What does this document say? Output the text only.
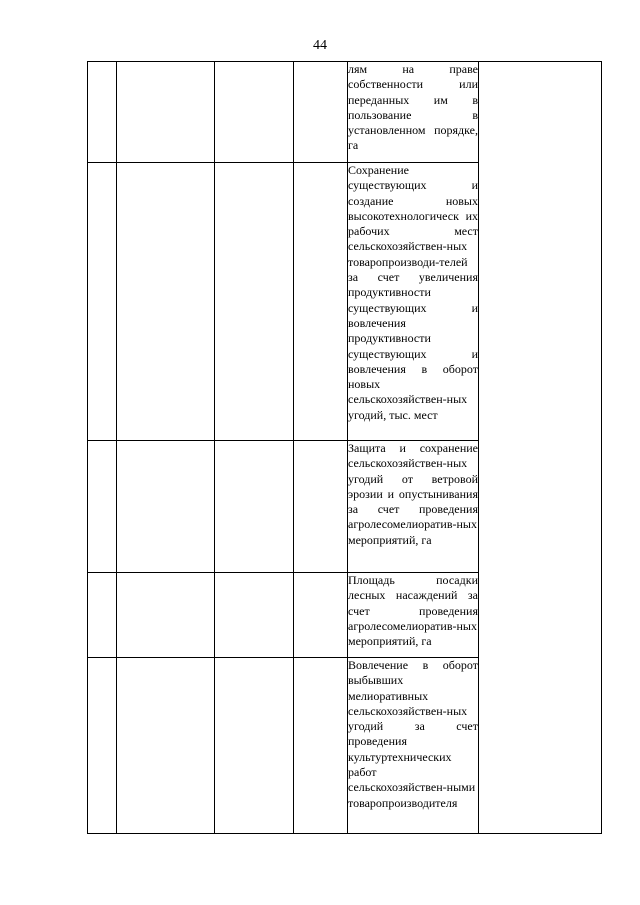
44

				лям на праве собственности или переданных им в пользование в установленном порядке, га	

				Сохранение существующих и создание новых высокотехнологическ их рабочих мест сельскохозяйствен-ных товаропроизводи-телей за счет увеличения продуктивности существующих и вовлечения продуктивности существующих и вовлечения в оборот новых сельскохозяйствен-ных угодий, тыс. мест	

				Защита и сохранение сельскохозяйствен-ных угодий от ветровой эрозии и опустынивания за счет проведения агролесомелиоратив-ных мероприятий, га	

				Площадь посадки лесных насаждений за счет проведения агролесомелиоратив-ных мероприятий, га	

				Вовлечение в оборот выбывших мелиоративных сельскохозяйствен-ных угодий за счет проведения культуртехнических работ сельскохозяйствен-ными товаропроизводителя	
